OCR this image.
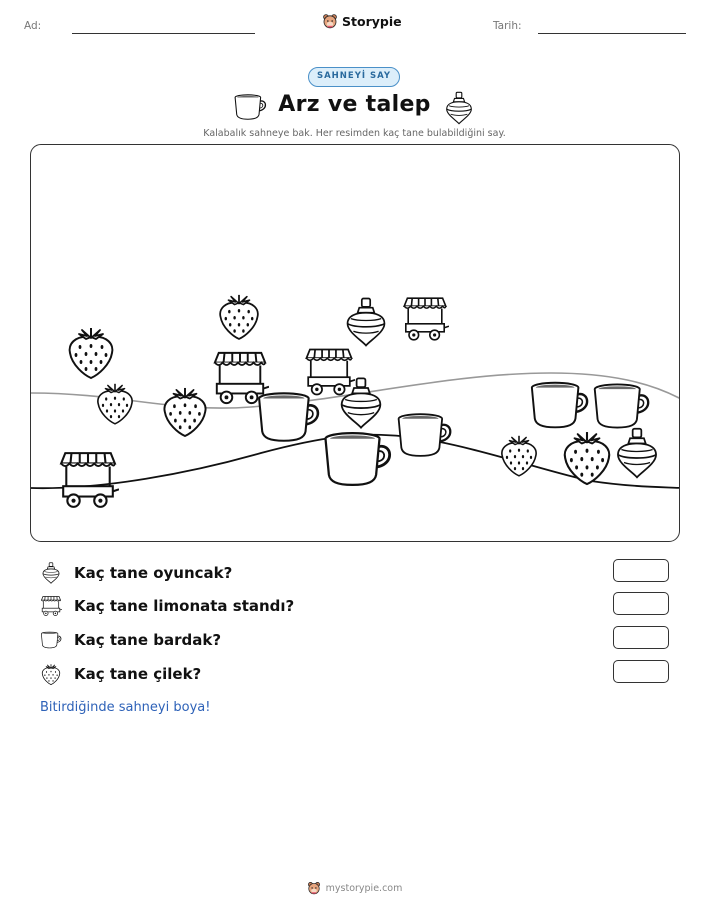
Ad:	Storypie	Tarih:
SAHNEYİ SAY
Arz ve talep
Kalabalık sahneye bak. Her resimden kaç tane bulabildiğini say.
Kaç tane oyuncak?
Kaç tane limonata standı?
Kaç tane bardak?
Kaç tane çilek?
Bitirdiğinde sahneyi boya!
mystorypie.com
